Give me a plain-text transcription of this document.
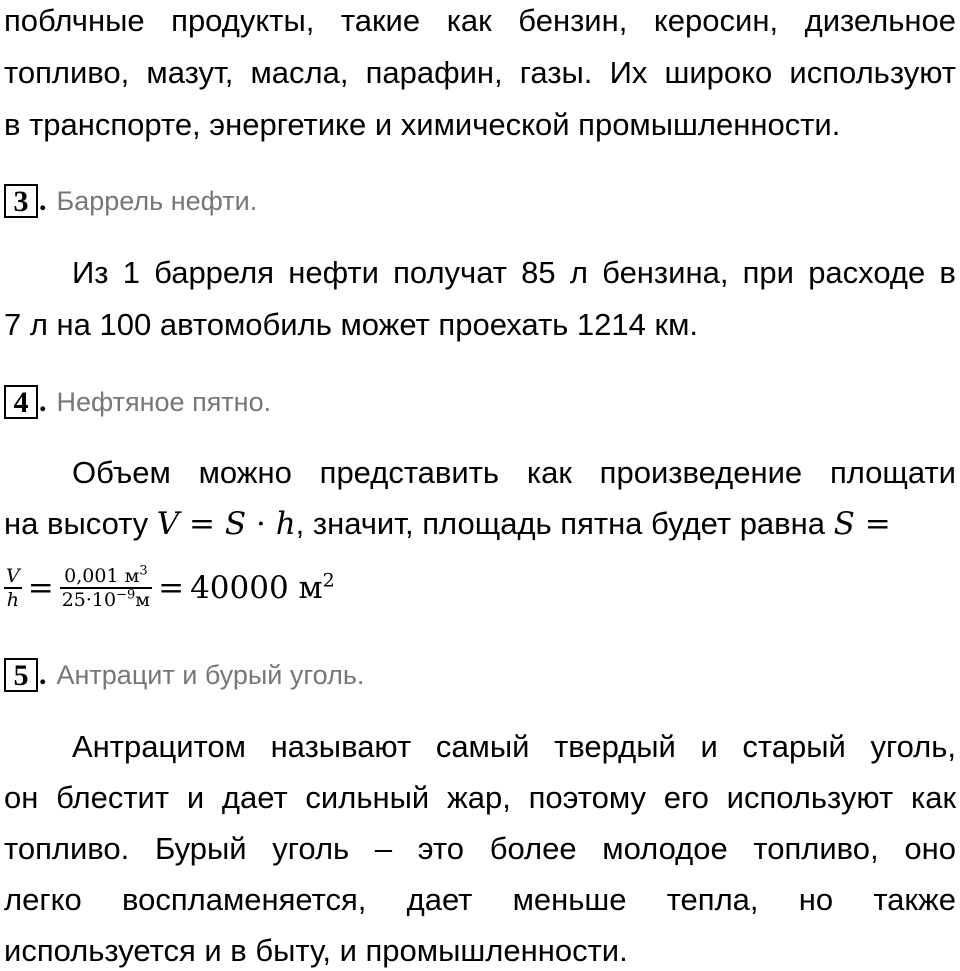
поблчные продукты, такие как бензин, керосин, дизельное
топливо, мазут, масла, парафин, газы. Их широко используют
в транспорте, энергетике и химической промышленности.
3 . Баррель нефти.
Из 1 барреля нефти получат 85 л бензина, при расходе в
7 л на 100 автомобиль может проехать 1214 км.
4 . Нефтяное пятно.
Объем можно представить как произведение площати
на высоту V = S · h, значит, площадь пятна будет равна S =
$\frac{V}{h} = \frac{0,001 м^3}{25\cdot 10^{-9}м} = 40000$ $м^2$
5 . Антрацит и бурый уголь.
Антрацитом называют самый твердый и старый уголь,
он блестит и дает сильный жар, поэтому его используют как
топливо. Бурый уголь – это более молодое топливо, оно
легко воспламеняется, дает меньше тепла, но также
используется и в быту, и промышленности.
